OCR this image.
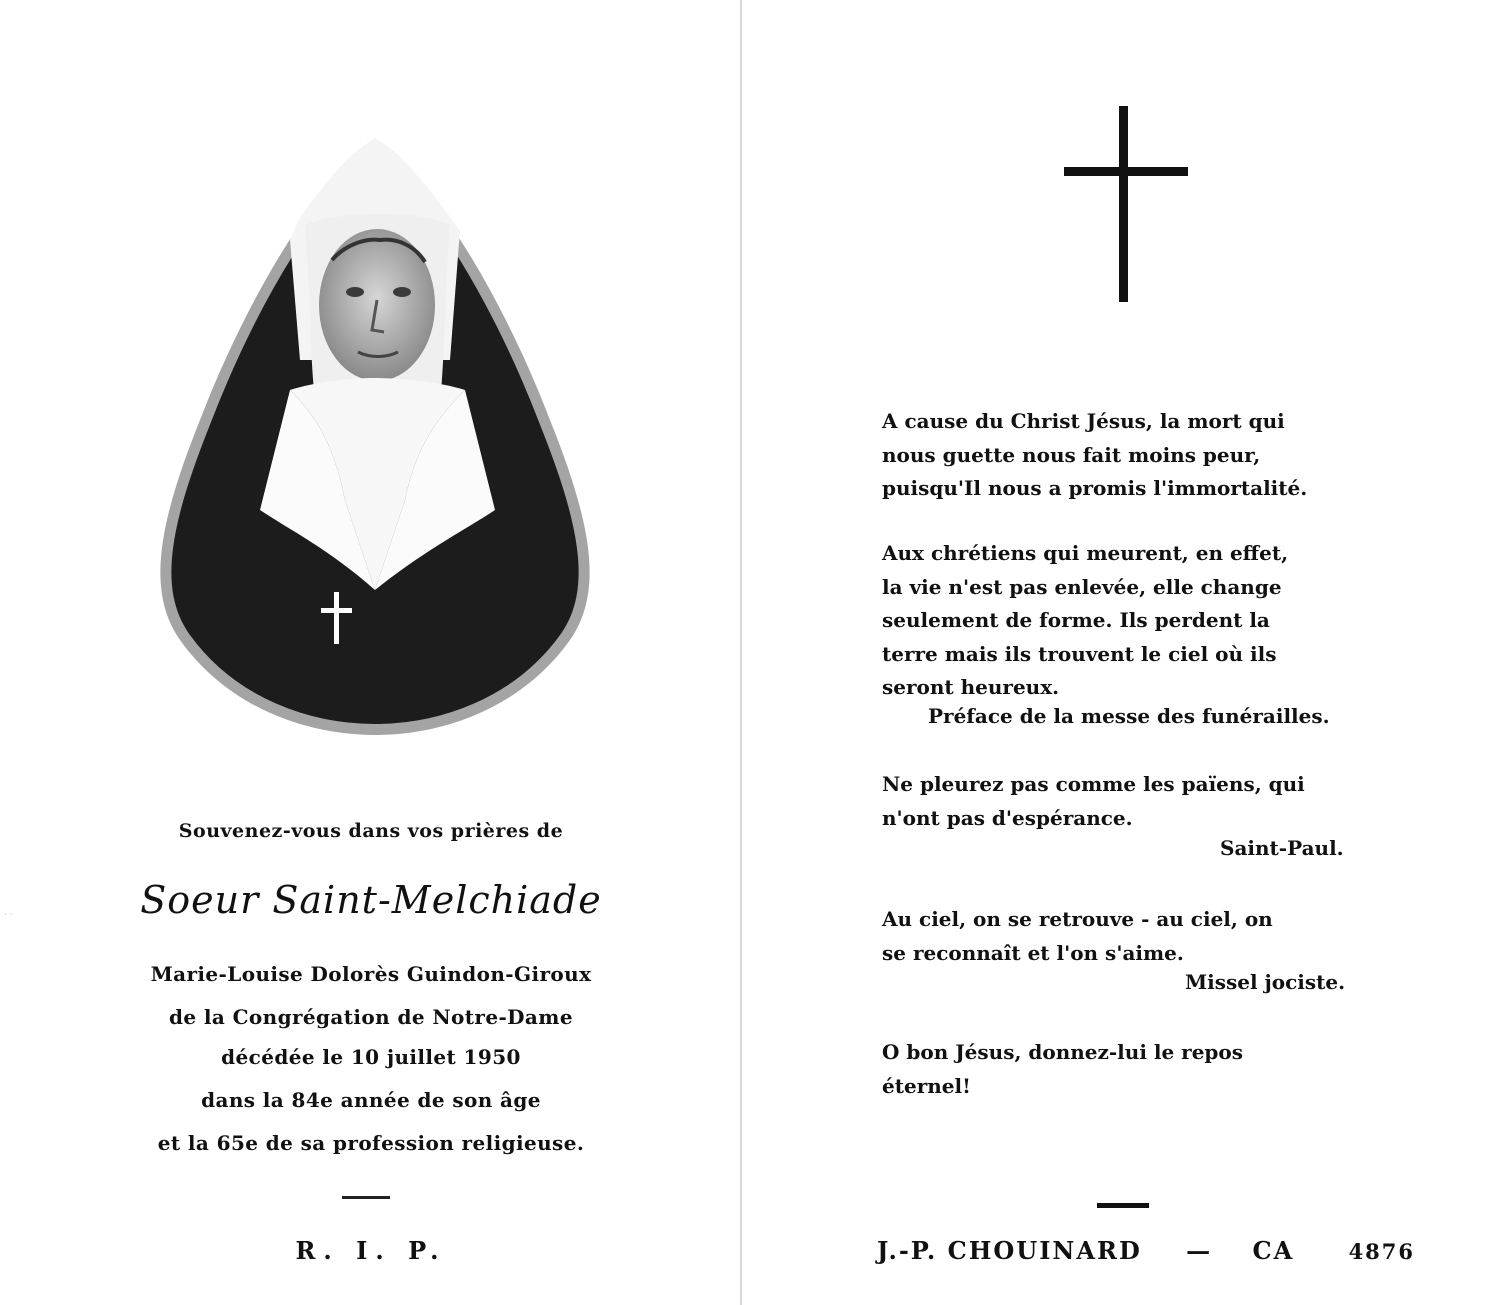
Souvenez-vous dans vos prières de
Soeur Saint-Melchiade
Marie-Louise Dolorès Guindon-Giroux
de la Congrégation de Notre-Dame
décédée le 10 juillet 1950
dans la 84e année de son âge
et la 65e de sa profession religieuse.
R. I. P.
· ·
A cause du Christ Jésus, la mort qui
nous guette nous fait moins peur,
puisqu'Il nous a promis l'immortalité.
Aux chrétiens qui meurent, en effet,
la vie n'est pas enlevée, elle change
seulement de forme. Ils perdent la
terre mais ils trouvent le ciel où ils
seront heureux.
Préface de la messe des funérailles.
Ne pleurez pas comme les païens, qui
n'ont pas d'espérance.
Saint-Paul.
Au ciel, on se retrouve - au ciel, on
se reconnaît et l'on s'aime.
Missel jociste.
O bon Jésus, donnez-lui le repos
éternel!
J.-P. CHOUINARD — CA	4876
